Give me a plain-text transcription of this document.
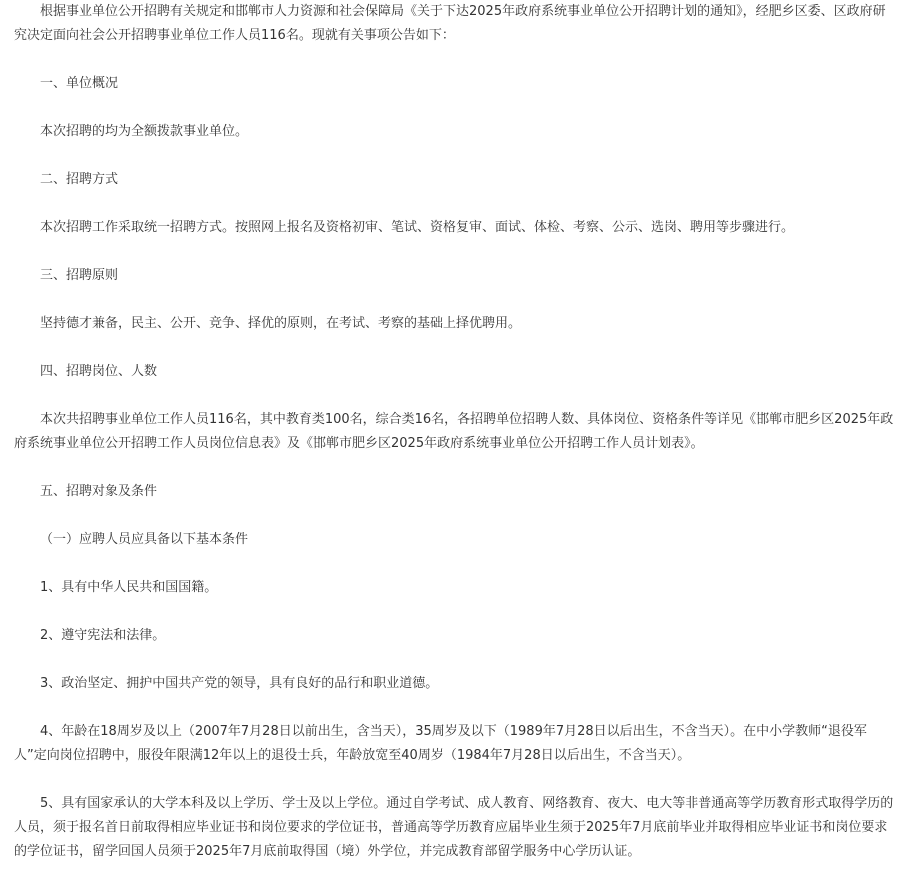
根据事业单位公开招聘有关规定和邯郸市人力资源和社会保障局《关于下达2025年政府系统事业单位公开招聘计划的通知》，经肥乡区委、区政府研究决定面向社会公开招聘事业单位工作人员116名。现就有关事项公告如下：

一、单位概况

本次招聘的均为全额拨款事业单位。

二、招聘方式

本次招聘工作采取统一招聘方式。按照网上报名及资格初审、笔试、资格复审、面试、体检、考察、公示、选岗、聘用等步骤进行。

三、招聘原则

坚持德才兼备，民主、公开、竞争、择优的原则，在考试、考察的基础上择优聘用。

四、招聘岗位、人数

本次共招聘事业单位工作人员116名，其中教育类100名，综合类16名，各招聘单位招聘人数、具体岗位、资格条件等详见《邯郸市肥乡区2025年政府系统事业单位公开招聘工作人员岗位信息表》及《邯郸市肥乡区2025年政府系统事业单位公开招聘工作人员计划表》。

五、招聘对象及条件

（一）应聘人员应具备以下基本条件

1、具有中华人民共和国国籍。

2、遵守宪法和法律。

3、政治坚定、拥护中国共产党的领导，具有良好的品行和职业道德。

4、年龄在18周岁及以上（2007年7月28日以前出生，含当天），35周岁及以下（1989年7月28日以后出生，不含当天）。在中小学教师“退役军人”定向岗位招聘中，服役年限满12年以上的退役士兵，年龄放宽至40周岁（1984年7月28日以后出生，不含当天）。

5、具有国家承认的大学本科及以上学历、学士及以上学位。通过自学考试、成人教育、网络教育、夜大、电大等非普通高等学历教育形式取得学历的人员，须于报名首日前取得相应毕业证书和岗位要求的学位证书，普通高等学历教育应届毕业生须于2025年7月底前毕业并取得相应毕业证书和岗位要求的学位证书，留学回国人员须于2025年7月底前取得国（境）外学位，并完成教育部留学服务中心学历认证。
